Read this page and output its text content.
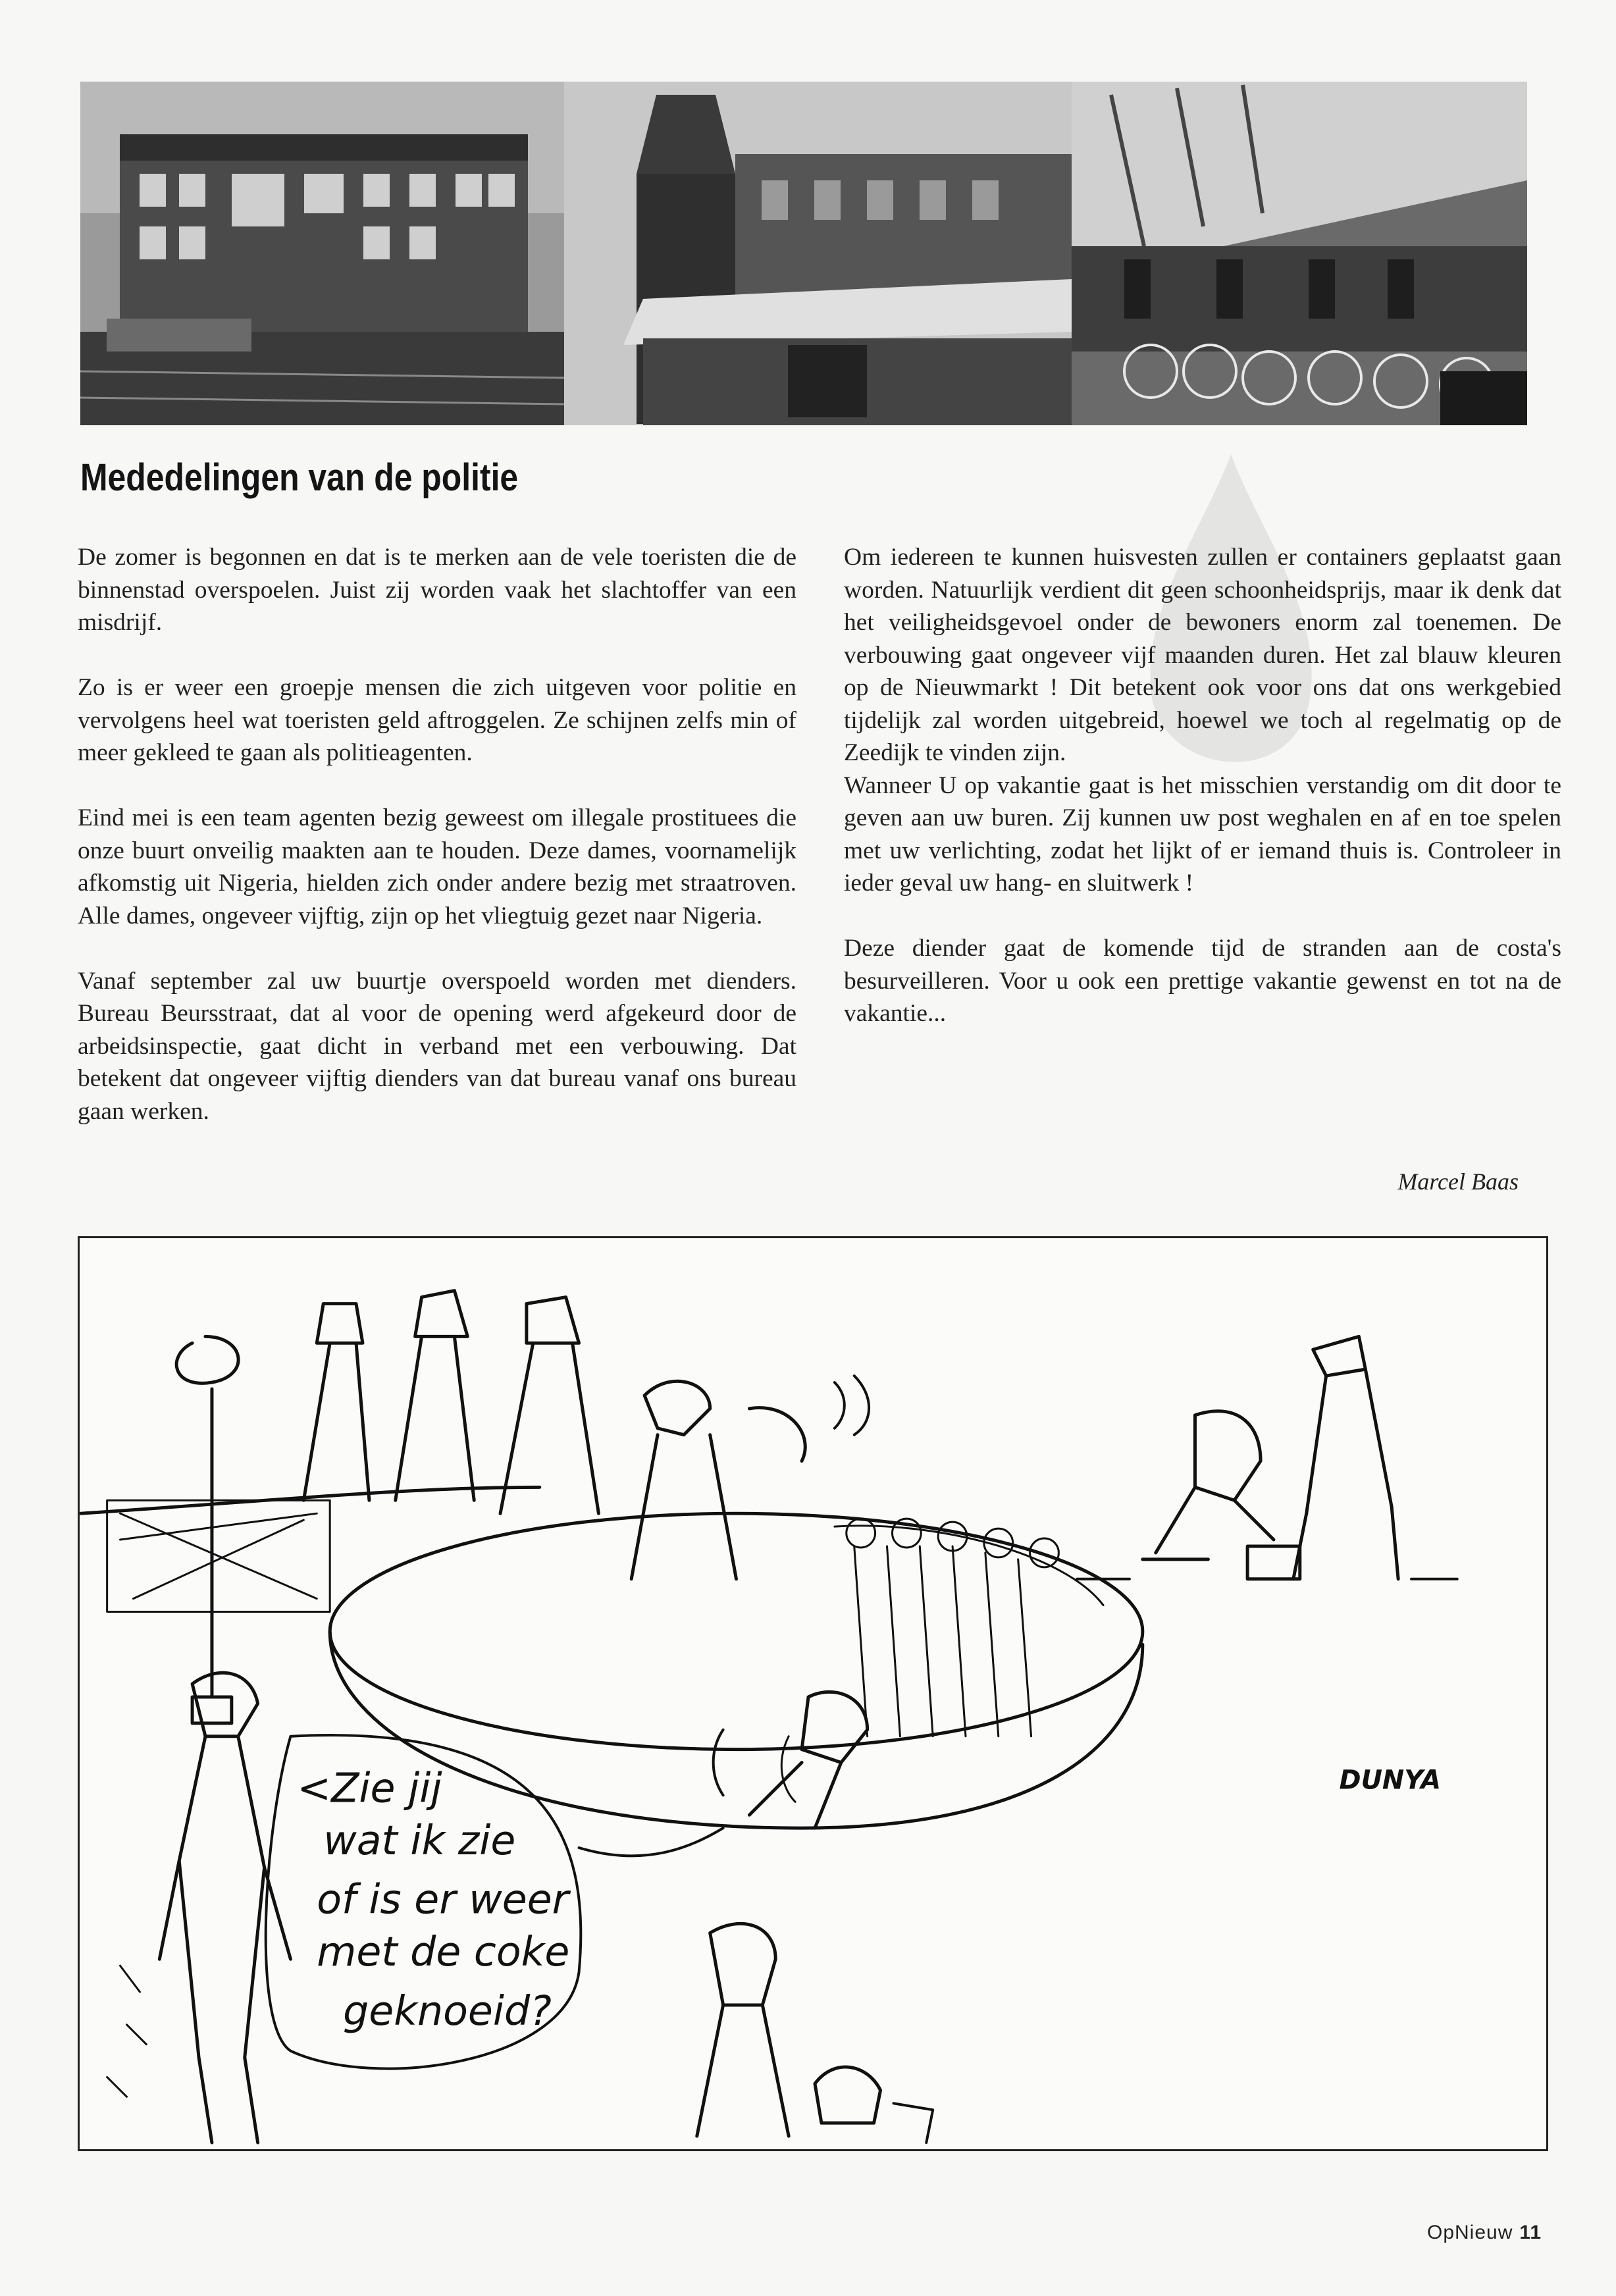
Mededelingen van de politie

De zomer is begonnen en dat is te merken aan de vele toeristen die de binnenstad overspoelen. Juist zij worden vaak het slachtoffer van een misdrijf.

Zo is er weer een groepje mensen die zich uitgeven voor politie en vervolgens heel wat toeristen geld aftroggelen. Ze schijnen zelfs min of meer gekleed te gaan als politieagenten.

Eind mei is een team agenten bezig geweest om illegale prostituees die onze buurt onveilig maakten aan te houden. Deze dames, voornamelijk afkomstig uit Nigeria, hielden zich onder andere bezig met straatroven. Alle dames, ongeveer vijftig, zijn op het vliegtuig gezet naar Nigeria.

Vanaf september zal uw buurtje overspoeld worden met dienders. Bureau Beursstraat, dat al voor de opening werd afgekeurd door de arbeidsinspectie, gaat dicht in verband met een verbouwing. Dat betekent dat ongeveer vijftig dienders van dat bureau vanaf ons bureau gaan werken.

Om iedereen te kunnen huisvesten zullen er containers geplaatst gaan worden. Natuurlijk verdient dit geen schoonheidsprijs, maar ik denk dat het veiligheidsgevoel onder de bewoners enorm zal toenemen. De verbouwing gaat ongeveer vijf maanden duren. Het zal blauw kleuren op de Nieuwmarkt ! Dit betekent ook voor ons dat ons werkgebied tijdelijk zal worden uitgebreid, hoewel we toch al regelmatig op de Zeedijk te vinden zijn.

Wanneer U op vakantie gaat is het misschien verstandig om dit door te geven aan uw buren. Zij kunnen uw post weghalen en af en toe spelen met uw verlichting, zodat het lijkt of er iemand thuis is. Controleer in ieder geval uw hang- en sluitwerk !

Deze diender gaat de komende tijd de stranden aan de costa's besurveilleren. Voor u ook een prettige vakantie gewenst en tot na de vakantie...

Marcel Baas
<Zie jij
wat ik zie
of is er weer
met de coke
geknoeid?
DUNYA
OpNieuw 11
